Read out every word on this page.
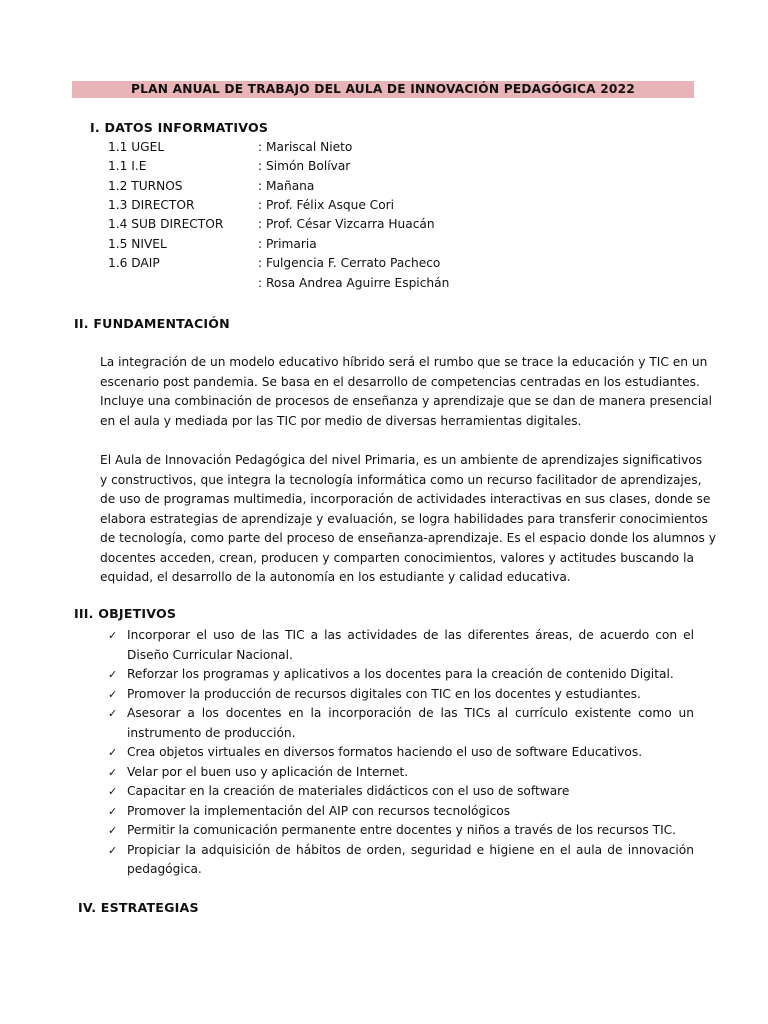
PLAN ANUAL DE TRABAJO DEL AULA DE INNOVACIÓN PEDAGÓGICA 2022
I. DATOS INFORMATIVOS
1.1 UGEL	: Mariscal Nieto
1.1 I.E	: Simón Bolívar
1.2 TURNOS	: Mañana
1.3 DIRECTOR	: Prof. Félix Asque Cori
1.4 SUB DIRECTOR	: Prof. César Vizcarra Huacán
1.5 NIVEL	: Primaria
1.6 DAIP	: Fulgencia F. Cerrato Pacheco
: Rosa Andrea Aguirre Espichán
II. FUNDAMENTACIÓN
La integración de un modelo educativo híbrido será el rumbo que se trace la educación y TIC en un
escenario post pandemia. Se basa en el desarrollo de competencias centradas en los estudiantes.
Incluye una combinación de procesos de enseñanza y aprendizaje que se dan de manera presencial
en el aula y mediada por las TIC por medio de diversas herramientas digitales.
El Aula de Innovación Pedagógica del nivel Primaria, es un ambiente de aprendizajes significativos
y constructivos, que integra la tecnología informática como un recurso facilitador de aprendizajes,
de uso de programas multimedia, incorporación de actividades interactivas en sus clases, donde se
elabora estrategias de aprendizaje y evaluación, se logra habilidades para transferir conocimientos
de tecnología, como parte del proceso de enseñanza-aprendizaje. Es el espacio donde los alumnos y
docentes acceden, crean, producen y comparten conocimientos, valores y actitudes buscando la
equidad, el desarrollo de la autonomía en los estudiante y calidad educativa.
III. OBJETIVOS
✓ Incorporar el uso de las TIC a las actividades de las diferentes áreas, de acuerdo con el
Diseño Curricular Nacional.
✓ Reforzar los programas y aplicativos a los docentes para la creación de contenido Digital.
✓ Promover la producción de recursos digitales con TIC en los docentes y estudiantes.
✓ Asesorar a los docentes en la incorporación de las TICs al currículo existente como un
instrumento de producción.
✓ Crea objetos virtuales en diversos formatos haciendo el uso de software Educativos.
✓ Velar por el buen uso y aplicación de Internet.
✓ Capacitar en la creación de materiales didácticos con el uso de software
✓ Promover la implementación del AIP con recursos tecnológicos
✓ Permitir la comunicación permanente entre docentes y niños a través de los recursos TIC.
✓ Propiciar la adquisición de hábitos de orden, seguridad e higiene en el aula de innovación
pedagógica.
IV. ESTRATEGIAS
